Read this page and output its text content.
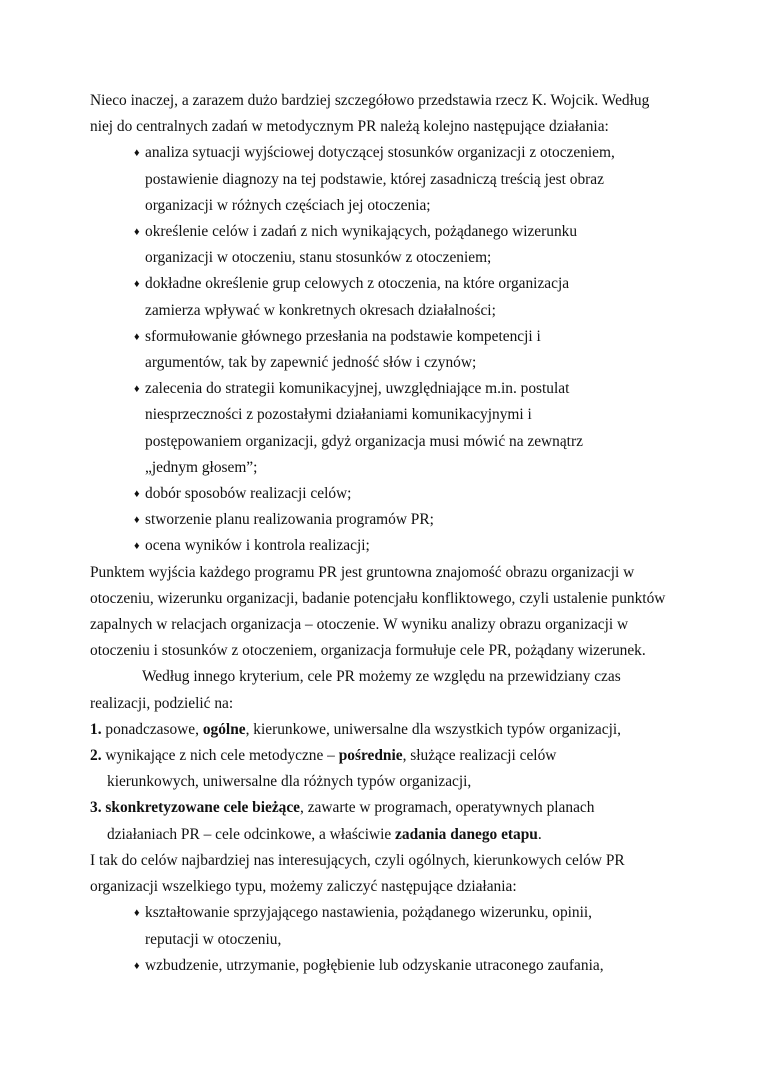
Nieco inaczej, a zarazem dużo bardziej szczegółowo przedstawia rzecz K. Wojcik. Według
niej do centralnych zadań w metodycznym PR należą kolejno następujące działania:

♦ analiza sytuacji wyjściowej dotyczącej stosunków organizacji z otoczeniem,
postawienie diagnozy na tej podstawie, której zasadniczą treścią jest obraz
organizacji w różnych częściach jej otoczenia;
♦ określenie celów i zadań z nich wynikających, pożądanego wizerunku
organizacji w otoczeniu, stanu stosunków z otoczeniem;
♦ dokładne określenie grup celowych z otoczenia, na które organizacja
zamierza wpływać w konkretnych okresach działalności;
♦ sformułowanie głównego przesłania na podstawie kompetencji i
argumentów, tak by zapewnić jedność słów i czynów;
♦ zalecenia do strategii komunikacyjnej, uwzględniające m.in. postulat
niesprzeczności z pozostałymi działaniami komunikacyjnymi i
postępowaniem organizacji, gdyż organizacja musi mówić na zewnątrz
„jednym głosem”;
♦ dobór sposobów realizacji celów;
♦ stworzenie planu realizowania programów PR;
♦ ocena wyników i kontrola realizacji;

Punktem wyjścia każdego programu PR jest gruntowna znajomość obrazu organizacji w
otoczeniu, wizerunku organizacji, badanie potencjału konfliktowego, czyli ustalenie punktów
zapalnych w relacjach organizacja – otoczenie. W wyniku analizy obrazu organizacji w
otoczeniu i stosunków z otoczeniem, organizacja formułuje cele PR, pożądany wizerunek.

Według innego kryterium, cele PR możemy ze względu na przewidziany czas
realizacji, podzielić na:

1. ponadczasowe, ogólne, kierunkowe, uniwersalne dla wszystkich typów organizacji,
2. wynikające z nich cele metodyczne – pośrednie, służące realizacji celów
kierunkowych, uniwersalne dla różnych typów organizacji,
3. skonkretyzowane cele bieżące, zawarte w programach, operatywnych planach
działaniach PR – cele odcinkowe, a właściwie zadania danego etapu.

I tak do celów najbardziej nas interesujących, czyli ogólnych, kierunkowych celów PR
organizacji wszelkiego typu, możemy zaliczyć następujące działania:

♦ kształtowanie sprzyjającego nastawienia, pożądanego wizerunku, opinii,
reputacji w otoczeniu,
♦ wzbudzenie, utrzymanie, pogłębienie lub odzyskanie utraconego zaufania,
